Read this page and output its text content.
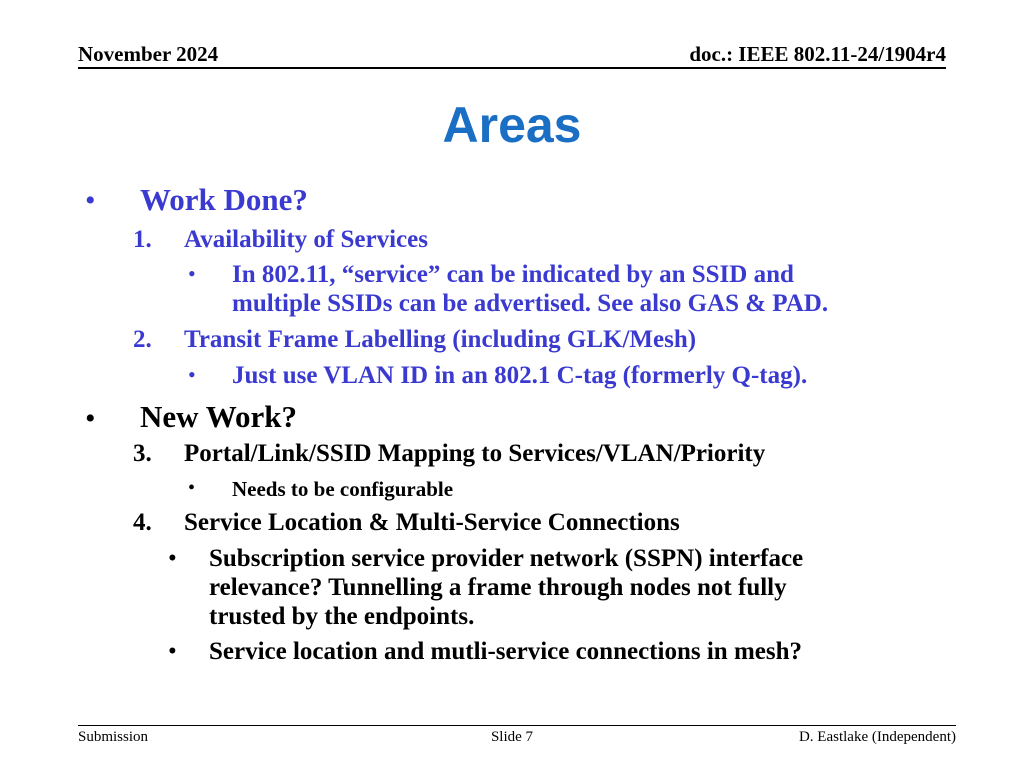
November 2024	doc.: IEEE 802.11-24/1904r4
Areas
• Work Done?
1. Availability of Services
• In 802.11, “service” can be indicated by an SSID and
multiple SSIDs can be advertised. See also GAS & PAD.
2. Transit Frame Labelling (including GLK/Mesh)
• Just use VLAN ID in an 802.1 C-tag (formerly Q-tag).
• New Work?
3. Portal/Link/SSID Mapping to Services/VLAN/Priority
• Needs to be configurable
4. Service Location & Multi-Service Connections
• Subscription service provider network (SSPN) interface
relevance? Tunnelling a frame through nodes not fully
trusted by the endpoints.
• Service location and mutli-service connections in mesh?
Submission	Slide 7	D. Eastlake (Independent)
